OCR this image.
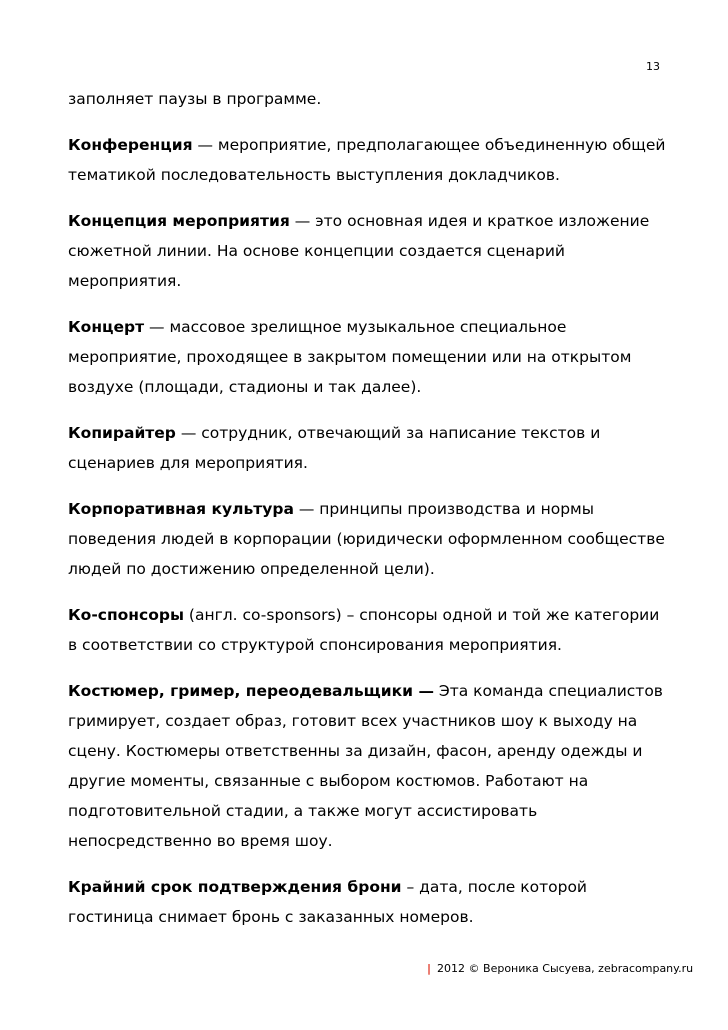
13

заполняет паузы в программе.

Конференция — мероприятие, предполагающее объединенную общей тематикой последовательность выступления докладчиков.

Концепция мероприятия — это основная идея и краткое изложение сюжетной линии. На основе концепции создается сценарий мероприятия.

Концерт — массовое зрелищное музыкальное специальное мероприятие, проходящее в закрытом помещении или на открытом воздухе (площади, стадионы и так далее).

Копирайтер — сотрудник, отвечающий за написание текстов и сценариев для мероприятия.

Корпоративная культура — принципы производства и нормы поведения людей в корпорации (юридически оформленном сообществе людей по достижению определенной цели).

Ко-спонсоры (англ. co-sponsors) – спонсоры одной и той же категории в соответствии со структурой спонсирования мероприятия.

Костюмер, гример, переодевальщики — Эта команда специалистов гримирует, создает образ, готовит всех участников шоу к выходу на сцену. Костюмеры ответственны за дизайн, фасон, аренду одежды и другие моменты, связанные с выбором костюмов. Работают на подготовительной стадии, а также могут ассистировать непосредственно во время шоу.

Крайний срок подтверждения брони – дата, после которой гостиница снимает бронь с заказанных номеров.

| 2012 © Вероника Сысуева, zebracompany.ru
